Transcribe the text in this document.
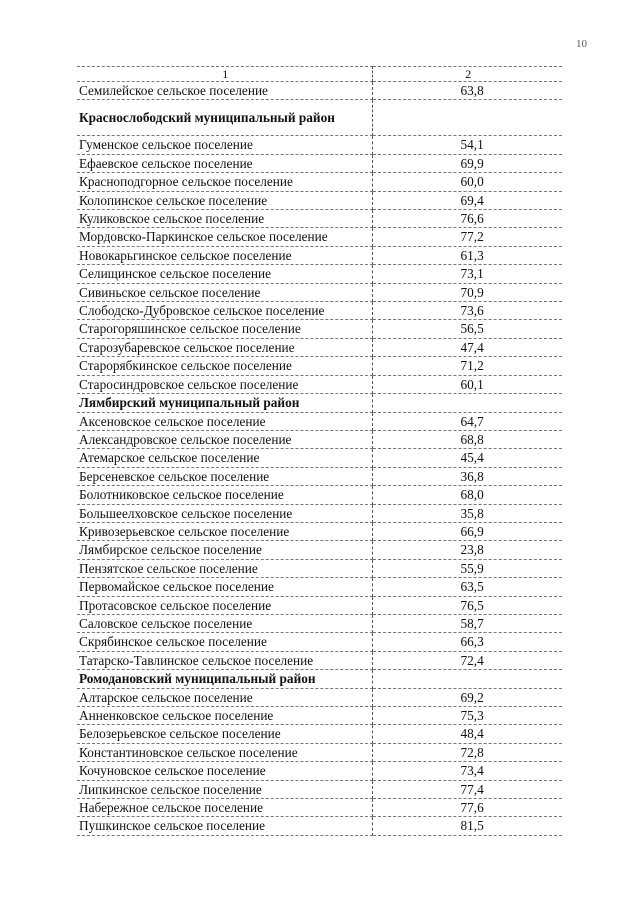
10
1	2
Семилейское сельское поселение	63,8
Краснослободский муниципальный район	
Гуменское сельское поселение	54,1
Ефаевское сельское поселение	69,9
Красноподгорное сельское поселение	60,0
Колопинское сельское поселение	69,4
Куликовское сельское поселение	76,6
Мордовско-Паркинское сельское поселение	77,2
Новокарьгинское сельское поселение	61,3
Селищинское сельское поселение	73,1
Сивиньское сельское поселение	70,9
Слободско-Дубровское сельское поселение	73,6
Старогоряшинское сельское поселение	56,5
Старозубаревское сельское поселение	47,4
Старорябкинское сельское поселение	71,2
Старосиндровское сельское поселение	60,1
Лямбирский муниципальный район	
Аксеновское сельское поселение	64,7
Александровское сельское поселение	68,8
Атемарское сельское поселение	45,4
Берсеневское сельское поселение	36,8
Болотниковское сельское поселение	68,0
Большеелховское сельское поселение	35,8
Кривозерьевское сельское поселение	66,9
Лямбирское сельское поселение	23,8
Пензятское сельское поселение	55,9
Первомайское сельское поселение	63,5
Протасовское сельское поселение	76,5
Саловское сельское поселение	58,7
Скрябинское сельское поселение	66,3
Татарско-Тавлинское сельское поселение	72,4
Ромодановский муниципальный район	
Алтарское сельское поселение	69,2
Анненковское сельское поселение	75,3
Белозерьевское сельское поселение	48,4
Константиновское сельское поселение	72,8
Кочуновское сельское поселение	73,4
Липкинское сельское поселение	77,4
Набережное сельское поселение	77,6
Пушкинское сельское поселение	81,5
